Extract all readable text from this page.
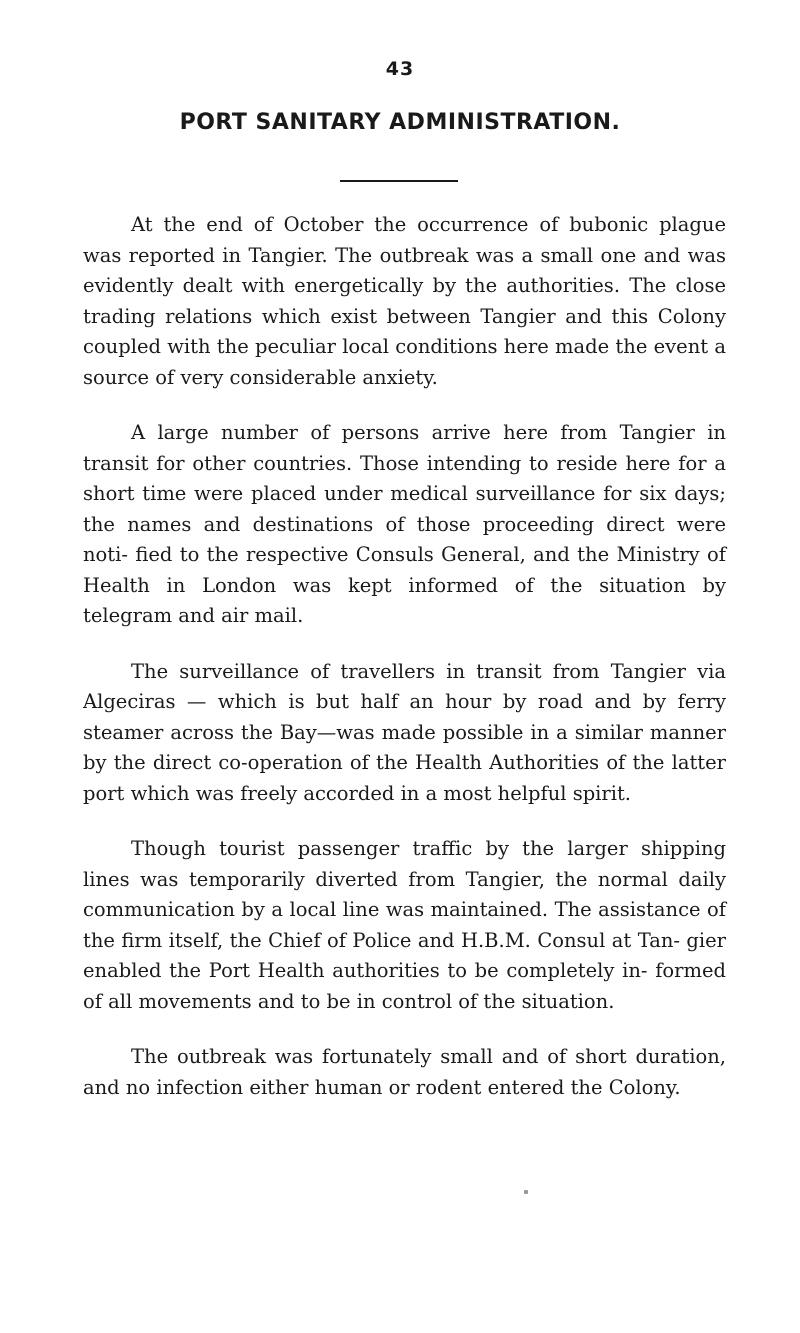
43
PORT SANITARY ADMINISTRATION.

At the end of October the occurrence of bubonic plague was reported in Tangier. The outbreak was a small one and was evidently dealt with energetically by the authorities. The close trading relations which exist between Tangier and this Colony coupled with the peculiar local conditions here made the event a source of very considerable anxiety.

A large number of persons arrive here from Tangier in transit for other countries. Those intending to reside here for a short time were placed under medical surveillance for six days; the names and destinations of those proceeding direct were noti- fied to the respective Consuls General, and the Ministry of Health in London was kept informed of the situation by telegram and air mail.

The surveillance of travellers in transit from Tangier via Algeciras — which is but half an hour by road and by ferry steamer across the Bay—was made possible in a similar manner by the direct co-operation of the Health Authorities of the latter port which was freely accorded in a most helpful spirit.

Though tourist passenger traffic by the larger shipping lines was temporarily diverted from Tangier, the normal daily communication by a local line was maintained. The assistance of the firm itself, the Chief of Police and H.B.M. Consul at Tan- gier enabled the Port Health authorities to be completely in- formed of all movements and to be in control of the situation.

The outbreak was fortunately small and of short duration, and no infection either human or rodent entered the Colony.
